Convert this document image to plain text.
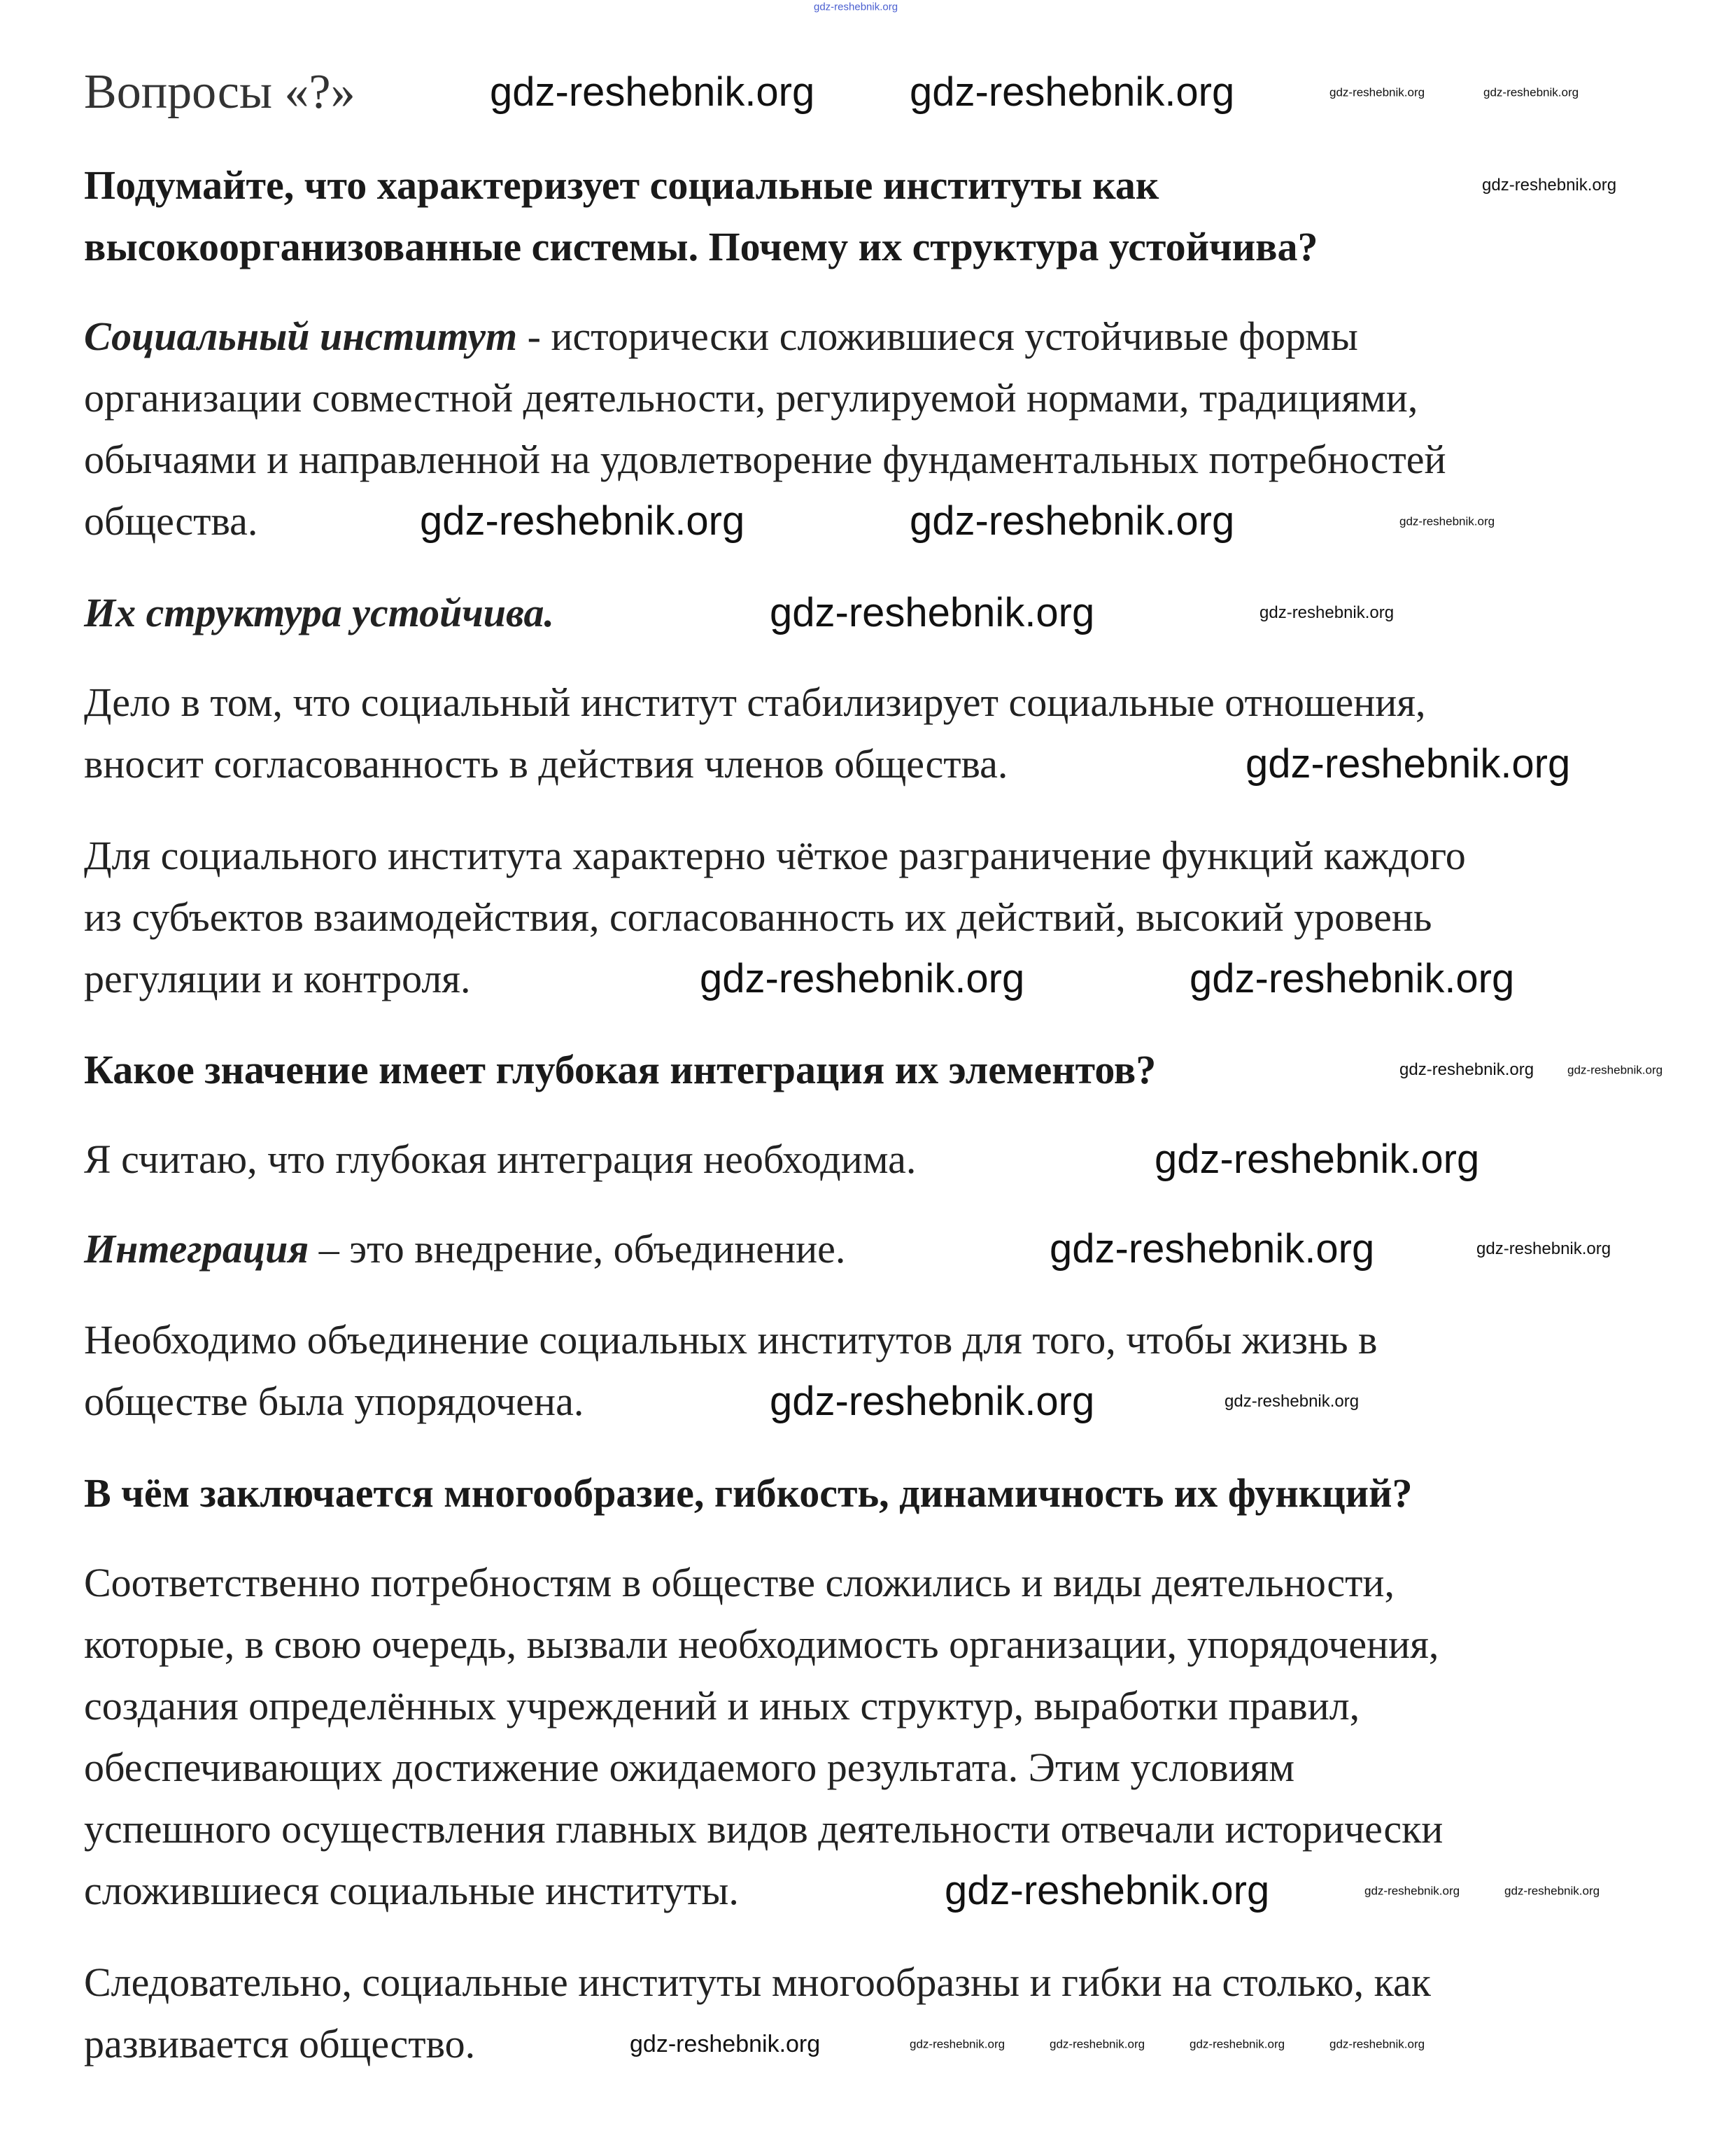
Вопросы «?»
Подумайте, что характеризует социальные институты как
высокоорганизованные системы. Почему их структура устойчива?
Социальный институт - исторически сложившиеся устойчивые формы
организации совместной деятельности, регулируемой нормами, традициями,
обычаями и направленной на удовлетворение фундаментальных потребностей
общества.
Их структура устойчива.
Дело в том, что социальный институт стабилизирует социальные отношения,
вносит согласованность в действия членов общества.
Для социального института характерно чёткое разграничение функций каждого
из субъектов взаимодействия, согласованность их действий, высокий уровень
регуляции и контроля.
Какое значение имеет глубокая интеграция их элементов?
Я считаю, что глубокая интеграция необходима.
Интеграция – это внедрение, объединение.
Необходимо объединение социальных институтов для того, чтобы жизнь в
обществе была упорядочена.
В чём заключается многообразие, гибкость, динамичность их функций?
Соответственно потребностям в обществе сложились и виды деятельности,
которые, в свою очередь, вызвали необходимость организации, упорядочения,
создания определённых учреждений и иных структур, выработки правил,
обеспечивающих достижение ожидаемого результата. Этим условиям
успешного осуществления главных видов деятельности отвечали исторически
сложившиеся социальные институты.
Следовательно, социальные институты многообразны и гибки на столько, как
развивается общество.
gdz-reshebnik.org
gdz-reshebnik.org gdz-reshebnik.org	gdz-reshebnik.org	gdz-reshebnik.org
gdz-reshebnik.org
gdz-reshebnik.org	gdz-reshebnik.org	gdz-reshebnik.org
gdz-reshebnik.org	gdz-reshebnik.org
gdz-reshebnik.org
gdz-reshebnik.org	gdz-reshebnik.org
gdz-reshebnik.org	gdz-reshebnik.org
gdz-reshebnik.org
gdz-reshebnik.org	gdz-reshebnik.org
gdz-reshebnik.org	gdz-reshebnik.org
gdz-reshebnik.org	gdz-reshebnik.org	gdz-reshebnik.org
gdz-reshebnik.org	gdz-reshebnik.org	gdz-reshebnik.org	gdz-reshebnik.org	gdz-reshebnik.org
